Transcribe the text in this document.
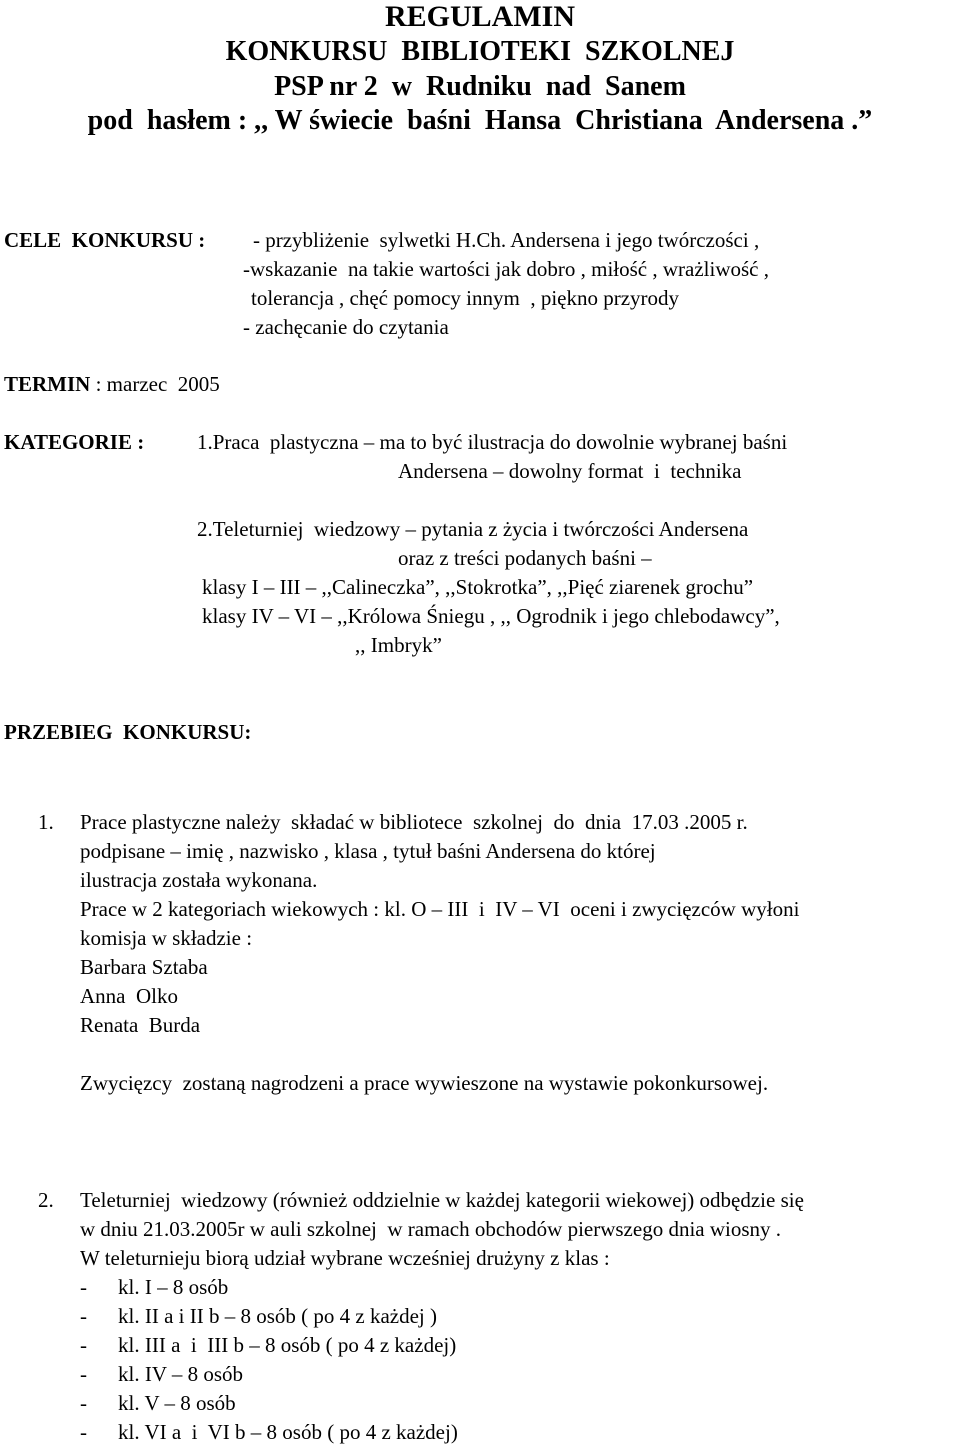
REGULAMIN
KONKURSU  BIBLIOTEKI  SZKOLNEJ
PSP nr 2  w  Rudniku  nad  Sanem
pod  hasłem : ,, W świecie  baśni  Hansa  Christiana  Andersena .”
CELE  KONKURSU : - przybliżenie  sylwetki H.Ch. Andersena i jego twórczości ,
-wskazanie  na takie wartości jak dobro , miłość , wrażliwość ,
tolerancja , chęć pomocy innym  , piękno przyrody
- zachęcanie do czytania
TERMIN : marzec  2005
KATEGORIE :	1.Praca  plastyczna – ma to być ilustracja do dowolnie wybranej baśni
Andersena – dowolny format  i  technika
2.Teleturniej  wiedzowy – pytania z życia i twórczości Andersena
oraz z treści podanych baśni –
klasy I – III – ,,Calineczka”, ,,Stokrotka”, ,,Pięć ziarenek grochu”
klasy IV – VI – ,,Królowa Śniegu , ,, Ogrodnik i jego chlebodawcy”,
,, Imbryk”
PRZEBIEG  KONKURSU:
1. Prace plastyczne należy  składać w bibliotece  szkolnej  do  dnia  17.03 .2005 r.
podpisane – imię , nazwisko , klasa , tytuł baśni Andersena do której
ilustracja została wykonana.
Prace w 2 kategoriach wiekowych : kl. O – III  i  IV – VI  oceni i zwycięzców wyłoni
komisja w składzie :
Barbara Sztaba
Anna  Olko
Renata  Burda
Zwycięzcy  zostaną nagrodzeni a prace wywieszone na wystawie pokonkursowej.
2. Teleturniej  wiedzowy (również oddzielnie w każdej kategorii wiekowej) odbędzie się
w dniu 21.03.2005r w auli szkolnej  w ramach obchodów pierwszego dnia wiosny .
W teleturnieju biorą udział wybrane wcześniej drużyny z klas :
- kl. I – 8 osób
- kl. II a i II b – 8 osób ( po 4 z każdej )
- kl. III a  i  III b – 8 osób ( po 4 z każdej)
- kl. IV – 8 osób
- kl. V – 8 osób
- kl. VI a  i  VI b – 8 osób ( po 4 z każdej)
